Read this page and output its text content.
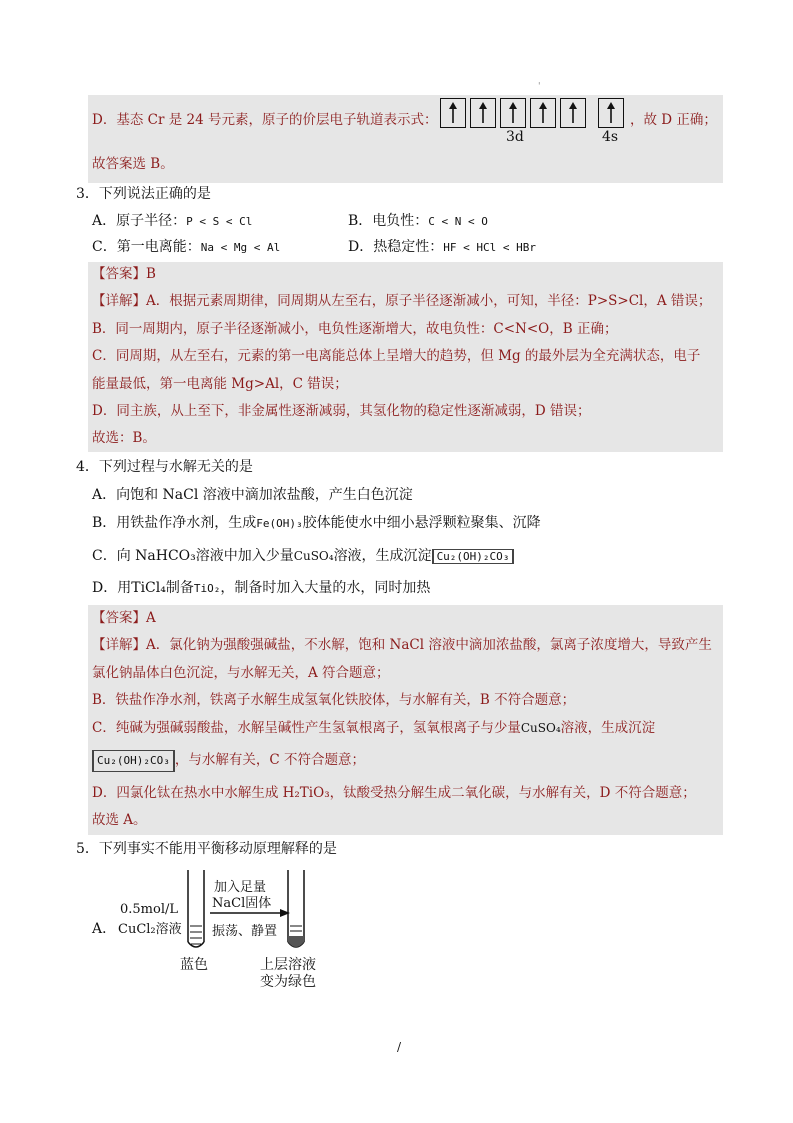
'
D．基态 Cr 是 24 号元素，原子的价层电子轨道表示式：
3d	4s
，故 D 正确；
故答案选 B。
3．下列说法正确的是
A．原子半径：P < S < Cl	B．电负性：C < N < O
C．第一电离能：Na < Mg < Al	D．热稳定性：HF < HCl < HBr
【答案】B
【详解】A．根据元素周期律，同周期从左至右，原子半径逐渐减小，可知，半径：P>S>Cl，A 错误；
B．同一周期内，原子半径逐渐减小，电负性逐渐增大，故电负性：C<N<O，B 正确；
C．同周期，从左至右，元素的第一电离能总体上呈增大的趋势，但 Mg 的最外层为全充满状态，电子
能量最低，第一电离能 Mg>Al，C 错误；
D．同主族，从上至下，非金属性逐渐减弱，其氢化物的稳定性逐渐减弱，D 错误；
故选：B。
4．下列过程与水解无关的是
A．向饱和 NaCl 溶液中滴加浓盐酸，产生白色沉淀
B．用铁盐作净水剂，生成Fe(OH)₃胶体能使水中细小悬浮颗粒聚集、沉降
C．向 NaHCO₃溶液中加入少量CuSO₄溶液，生成沉淀 Cu₂(OH)₂CO₃
D．用TiCl₄制备TiO₂，制备时加入大量的水，同时加热
【答案】A
【详解】A．氯化钠为强酸强碱盐，不水解，饱和 NaCl 溶液中滴加浓盐酸，氯离子浓度增大，导致产生
氯化钠晶体白色沉淀，与水解无关，A 符合题意；
B．铁盐作净水剂，铁离子水解生成氢氧化铁胶体，与水解有关，B 不符合题意；
C．纯碱为强碱弱酸盐，水解呈碱性产生氢氧根离子，氢氧根离子与少量CuSO₄溶液，生成沉淀
Cu₂(OH)₂CO₃ ，与水解有关，C 不符合题意；
D．四氯化钛在热水中水解生成 H₂TiO₃，钛酸受热分解生成二氧化碳，与水解有关，D 不符合题意；
故选 A。
5．下列事实不能用平衡移动原理解释的是
A．
0.5mol/L
CuCl₂溶液
加入足量
NaCl固体
振荡、静置
蓝色	上层溶液
变为绿色
/
